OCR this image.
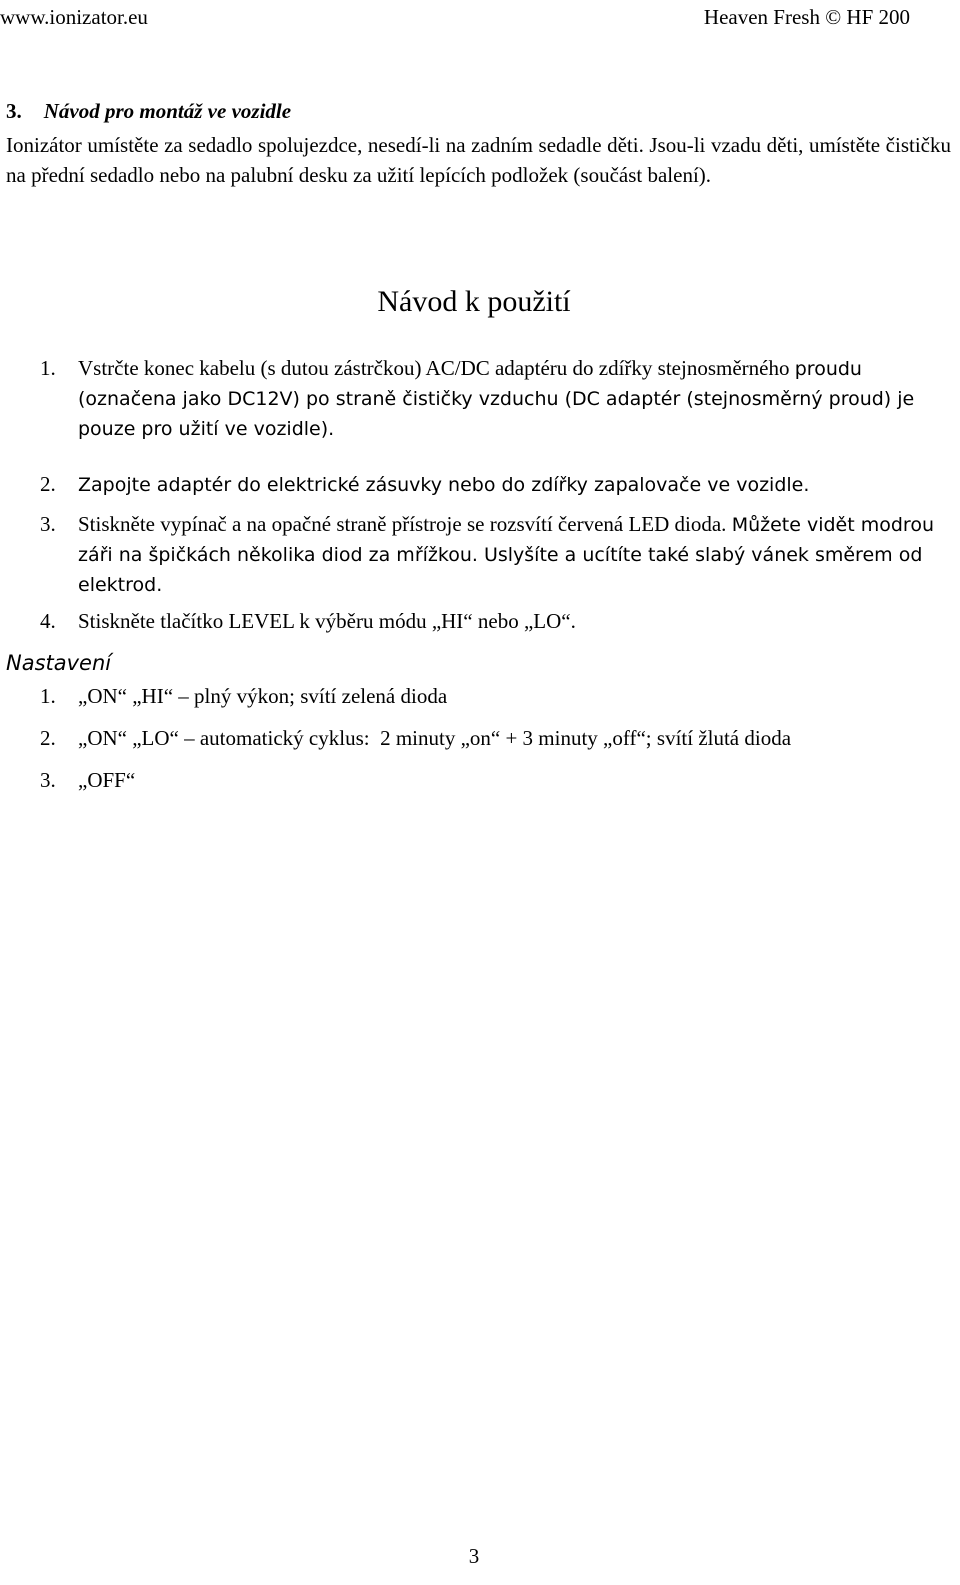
www.ionizator.eu	Heaven Fresh © HF 200
3. Návod pro montáž ve vozidle
Ionizátor umístěte za sedadlo spolujezdce, nesedí-li na zadním sedadle děti. Jsou-li vzadu děti, umístěte čističku na přední sedadlo nebo na palubní desku za užití lepících podložek (součást balení).
Návod k použití
1. Vstrčte konec kabelu (s dutou zástrčkou) AC/DC adaptéru do zdířky stejnosměrného proudu (označena jako DC12V) po straně čističky vzduchu (DC adaptér (stejnosměrný proud) je pouze pro užití ve vozidle).
2. Zapojte adaptér do elektrické zásuvky nebo do zdířky zapalovače ve vozidle.
3. Stiskněte vypínač a na opačné straně přístroje se rozsvítí červená LED dioda. Můžete vidět modrou záři na špičkách několika diod za mřížkou. Uslyšíte a ucítíte také slabý vánek směrem od elektrod.
4. Stiskněte tlačítko LEVEL k výběru módu „HI“ nebo „LO“.
Nastavení
1. „ON“ „HI“ – plný výkon; svítí zelená dioda
2. „ON“ „LO“ – automatický cyklus:  2 minuty „on“ + 3 minuty „off“; svítí žlutá dioda
3. „OFF“
3
